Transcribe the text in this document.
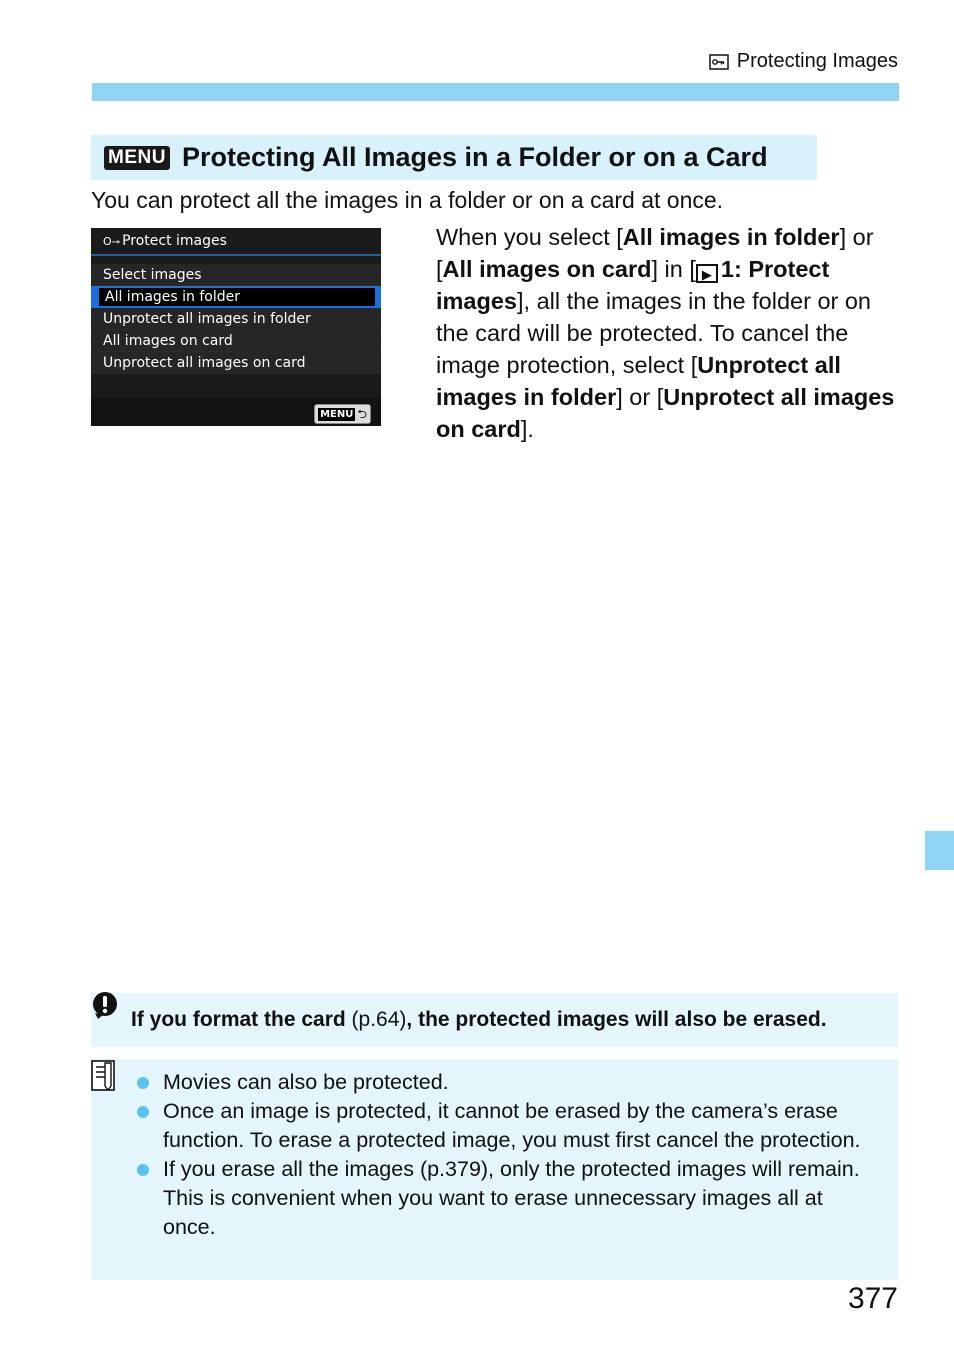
Protecting Images
MENU Protecting All Images in a Folder or on a Card
You can protect all the images in a folder or on a card at once.
O⊸ Protect images
Select images
All images in folder
Unprotect all images in folder
All images on card
Unprotect all images on card
MENU ⮌
When you select [All images in folder] or [All images on card] in [ ▶ 1: Protect images], all the images in the folder or on the card will be protected. To cancel the image protection, select [Unprotect all images in folder] or [Unprotect all images on card].
If you format the card (p.64), the protected images will also be erased.
Movies can also be protected.
Once an image is protected, it cannot be erased by the camera’s erase function. To erase a protected image, you must first cancel the protection.
If you erase all the images (p.379), only the protected images will remain. This is convenient when you want to erase unnecessary images all at once.
377
